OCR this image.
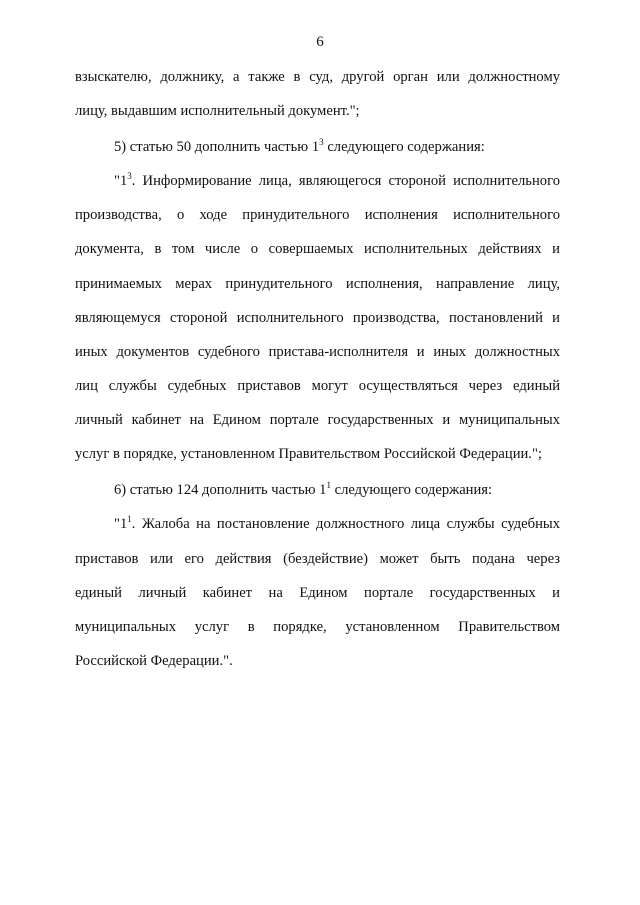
6
взыскателю, должнику, а также в суд, другой орган или должностному
лицу, выдавшим исполнительный документ.";
5) статью 50 дополнить частью $1^3$ следующего содержания:
"$1^3$. Информирование лица, являющегося стороной исполнительного
производства, о ходе принудительного исполнения исполнительного
документа, в том числе о совершаемых исполнительных действиях и
принимаемых мерах принудительного исполнения, направление лицу,
являющемуся стороной исполнительного производства, постановлений и
иных документов судебного пристава-исполнителя и иных должностных
лиц службы судебных приставов могут осуществляться через единый
личный кабинет на Едином портале государственных и муниципальных
услуг в порядке, установленном Правительством Российской Федерации.";
6) статью 124 дополнить частью $1^1$ следующего содержания:
"$1^1$. Жалоба на постановление должностного лица службы судебных
приставов или его действия (бездействие) может быть подана через
единый личный кабинет на Едином портале государственных и
муниципальных услуг в порядке, установленном Правительством
Российской Федерации.".
